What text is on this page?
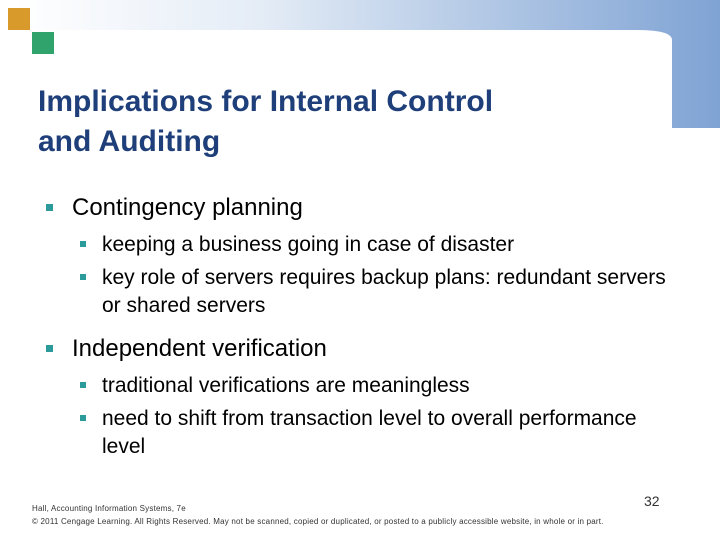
Implications for Internal Control
and Auditing
Contingency planning
keeping a business going in case of disaster
key role of servers requires backup plans: redundant servers or shared servers
Independent verification
traditional verifications are meaningless
need to shift from transaction level to overall performance level
Hall, Accounting Information Systems, 7e
© 2011 Cengage Learning. All Rights Reserved. May not be scanned, copied or duplicated, or posted to a publicly accessible website, in whole or in part.
32
